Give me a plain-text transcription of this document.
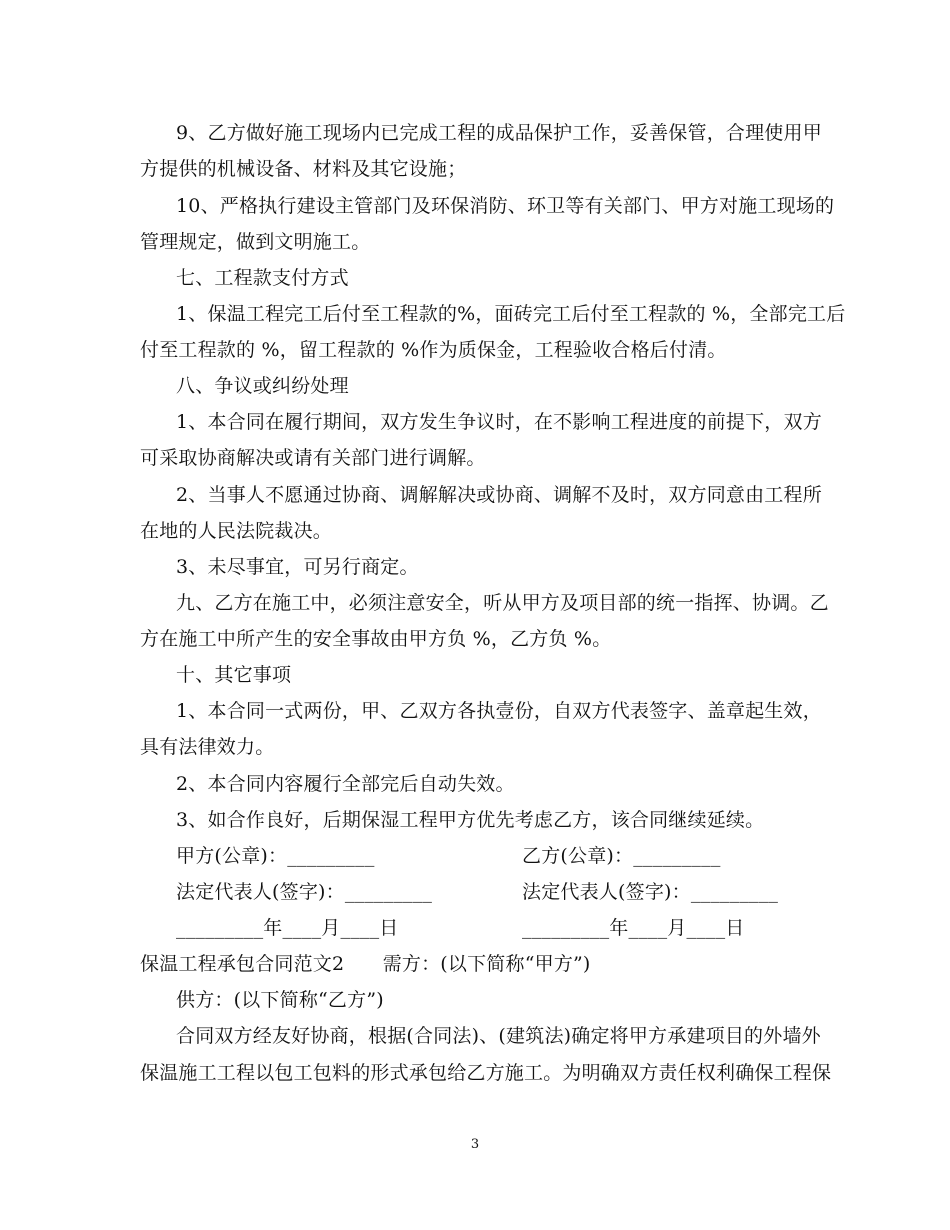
9、乙方做好施工现场内已完成工程的成品保护工作，妥善保管，合理使用甲
方提供的机械设备、材料及其它设施；
10、严格执行建设主管部门及环保消防、环卫等有关部门、甲方对施工现场的
管理规定，做到文明施工。
七、工程款支付方式
1、保温工程完工后付至工程款的%，面砖完工后付至工程款的 %，全部完工后
付至工程款的 %，留工程款的 %作为质保金，工程验收合格后付清。
八、争议或纠纷处理
1、本合同在履行期间，双方发生争议时，在不影响工程进度的前提下，双方
可采取协商解决或请有关部门进行调解。
2、当事人不愿通过协商、调解解决或协商、调解不及时，双方同意由工程所
在地的人民法院裁决。
3、未尽事宜，可另行商定。
九、乙方在施工中，必须注意安全，听从甲方及项目部的统一指挥、协调。乙
方在施工中所产生的安全事故由甲方负 %，乙方负 %。
十、其它事项
1、本合同一式两份，甲、乙双方各执壹份，自双方代表签字、盖章起生效，
具有法律效力。
2、本合同内容履行全部完后自动失效。
3、如合作良好，后期保湿工程甲方优先考虑乙方，该合同继续延续。
甲方(公章)：_________	乙方(公章)：_________
法定代表人(签字)：_________	法定代表人(签字)：_________
_________年____月____日	_________年____月____日
保温工程承包合同范文2　　需方：(以下简称“甲方”)
供方：(以下简称“乙方”)
合同双方经友好协商，根据(合同法)、(建筑法)确定将甲方承建项目的外墙外
保温施工工程以包工包料的形式承包给乙方施工。为明确双方责任权利确保工程保
3
